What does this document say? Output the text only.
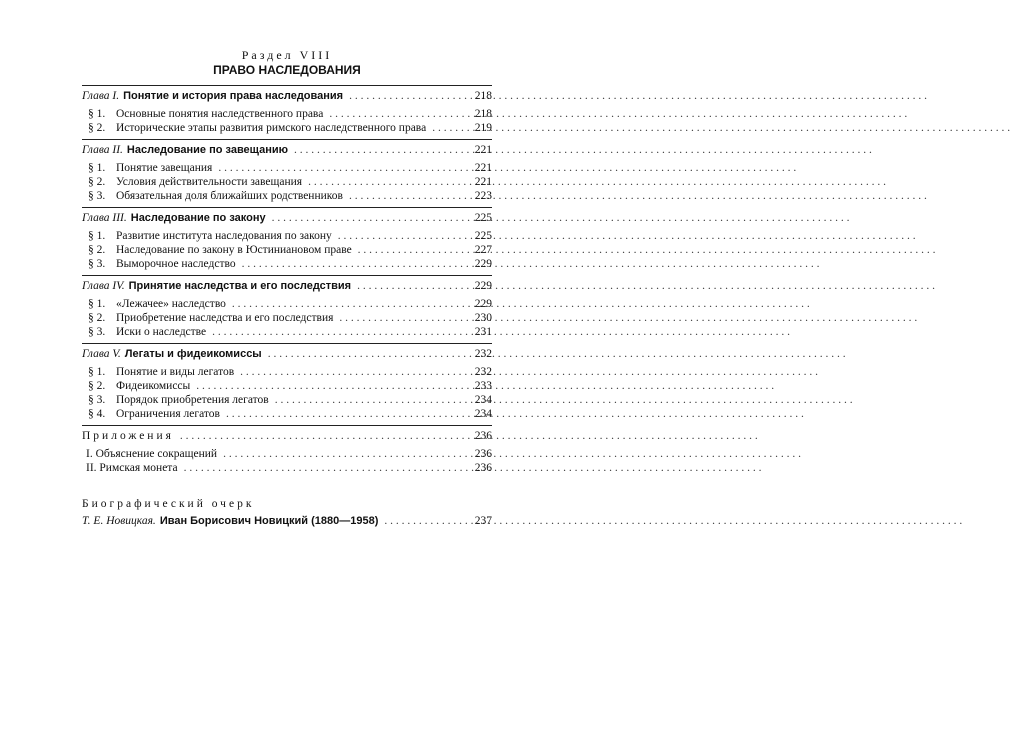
Раздел VIII

ПРАВО НАСЛЕДОВАНИЯ

Глава I. Понятие и история права наследования . . .	218
§ 1. Основные понятия наследственного права . . .	218
§ 2. Исторические этапы развития римского наследственного права . . .	219
Глава II. Наследование по завещанию . . .	221
§ 1. Понятие завещания . . .	221
§ 2. Условия действительности завещания . . .	221
§ 3. Обязательная доля ближайших родственников . . .	223
Глава III. Наследование по закону . . .	225
§ 1. Развитие института наследования по закону . . .	225
§ 2. Наследование по закону в Юстиниановом праве . . .	227
§ 3. Выморочное наследство . . .	229
Глава IV. Принятие наследства и его последствия . . .	229
§ 1. «Лежачее» наследство . . .	229
§ 2. Приобретение наследства и его последствия . . .	230
§ 3. Иски о наследстве . . .	231
Глава V. Легаты и фидеикомиссы . . .	232
§ 1. Понятие и виды легатов . . .	232
§ 2. Фидеикомиссы . . .	233
§ 3. Порядок приобретения легатов . . .	234
§ 4. Ограничения легатов . . .	234
Приложения . . .	236
I. Объяснение сокращений . . .	236
II. Римская монета . . .	236
Биографический очерк
Т. Е. Новицкая. Иван Борисович Новицкий (1880—1958) . . .	237
